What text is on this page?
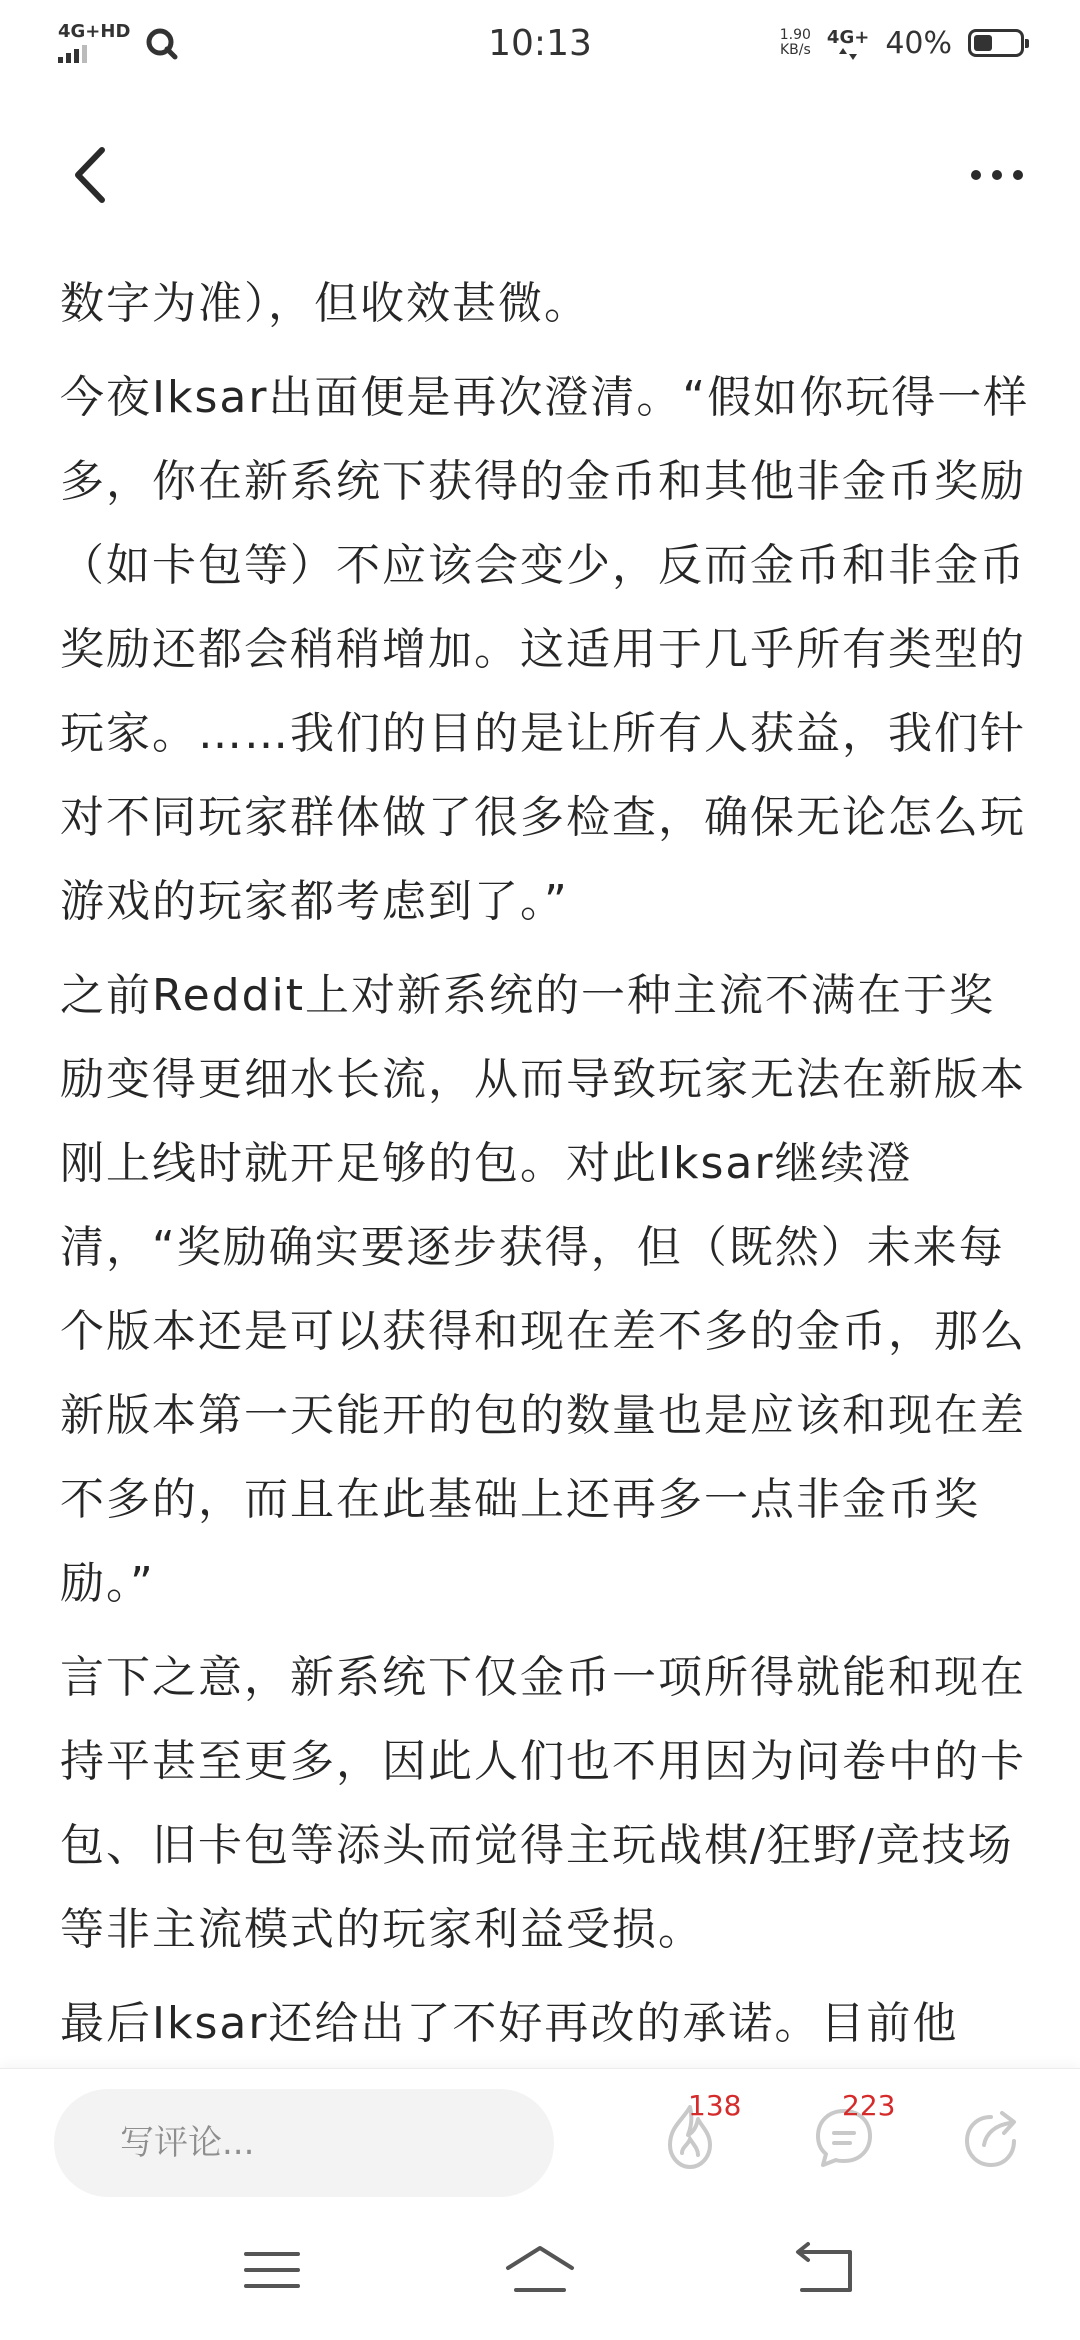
4G+HD	10:13	1.90
KB/s
4G+ 40%

数字为准），但收效甚微。

今夜Iksar出面便是再次澄清。“假如你玩得一样多，你在新系统下获得的金币和其他非金币奖励（如卡包等）不应该会变少，反而金币和非金币奖励还都会稍稍增加。这适用于几乎所有类型的玩家。……我们的目的是让所有人获益，我们针对不同玩家群体做了很多检查，确保无论怎么玩游戏的玩家都考虑到了。”

之前Reddit上对新系统的一种主流不满在于奖励变得更细水长流，从而导致玩家无法在新版本刚上线时就开足够的包。对此Iksar继续澄清，“奖励确实要逐步获得，但（既然）未来每个版本还是可以获得和现在差不多的金币，那么新版本第一天能开的包的数量也是应该和现在差不多的，而且在此基础上还再多一点非金币奖励。”

言下之意，新系统下仅金币一项所得就能和现在持平甚至更多，因此人们也不用因为问卷中的卡包、旧卡包等添头而觉得主玩战棋/狂野/竞技场等非主流模式的玩家利益受损。

最后Iksar还给出了不好再改的承诺。目前他

写评论...
138	223
